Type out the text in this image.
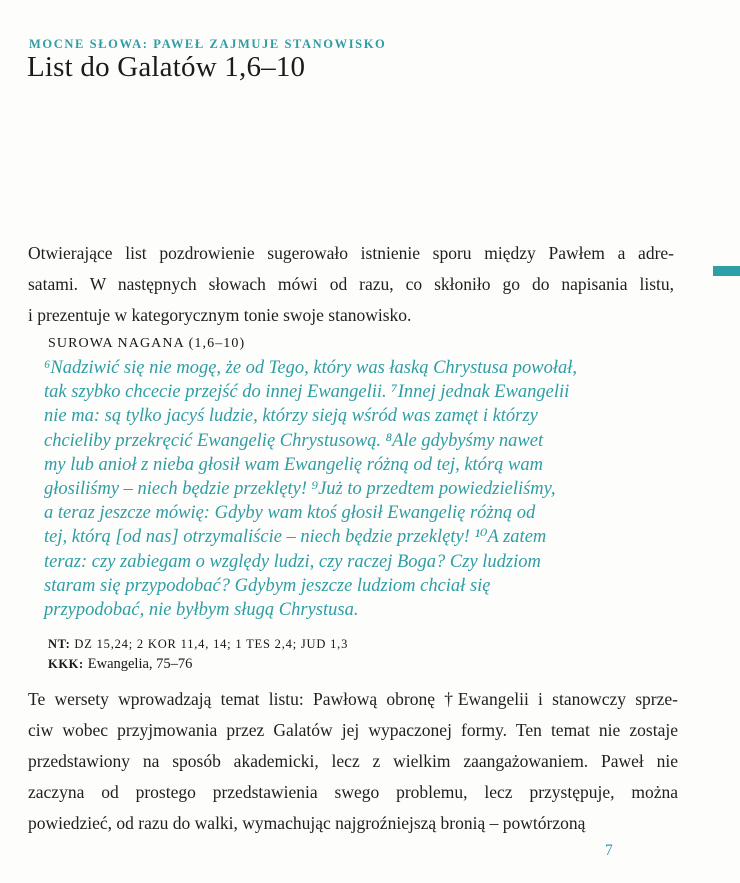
MOCNE SŁOWA: PAWEŁ ZAJMUJE STANOWISKO
List do Galatów 1,6–10
Otwierające list pozdrowienie sugerowało istnienie sporu między Pawłem a adre-
satami. W następnych słowach mówi od razu, co skłoniło go do napisania listu,
i prezentuje w kategorycznym tonie swoje stanowisko.
SUROWA NAGANA (1,6–10)
⁶Nadziwić się nie mogę, że od Tego, który was łaską Chrystusa powołał,
tak szybko chcecie przejść do innej Ewangelii. ⁷Innej jednak Ewangelii
nie ma: są tylko jacyś ludzie, którzy sieją wśród was zamęt i którzy
chcieliby przekręcić Ewangelię Chrystusową. ⁸Ale gdybyśmy nawet
my lub anioł z nieba głosił wam Ewangelię różną od tej, którą wam
głosiliśmy – niech będzie przeklęty! ⁹Już to przedtem powiedzieliśmy,
a teraz jeszcze mówię: Gdyby wam ktoś głosił Ewangelię różną od
tej, którą [od nas] otrzymaliście – niech będzie przeklęty! ¹⁰A zatem
teraz: czy zabiegam o względy ludzi, czy raczej Boga? Czy ludziom
staram się przypodobać? Gdybym jeszcze ludziom chciał się
przypodobać, nie byłbym sługą Chrystusa.
NT: DZ 15,24; 2 KOR 11,4, 14; 1 TES 2,4; JUD 1,3
KKK: Ewangelia, 75–76
Te wersety wprowadzają temat listu: Pawłową obronę †Ewangelii i stanowczy sprze-
ciw wobec przyjmowania przez Galatów jej wypaczonej formy. Ten temat nie zostaje
przedstawiony na sposób akademicki, lecz z wielkim zaangażowaniem. Paweł nie
zaczyna od prostego przedstawienia swego problemu, lecz przystępuje, można
powiedzieć, od razu do walki, wymachując najgroźniejszą bronią – powtórzoną
7
